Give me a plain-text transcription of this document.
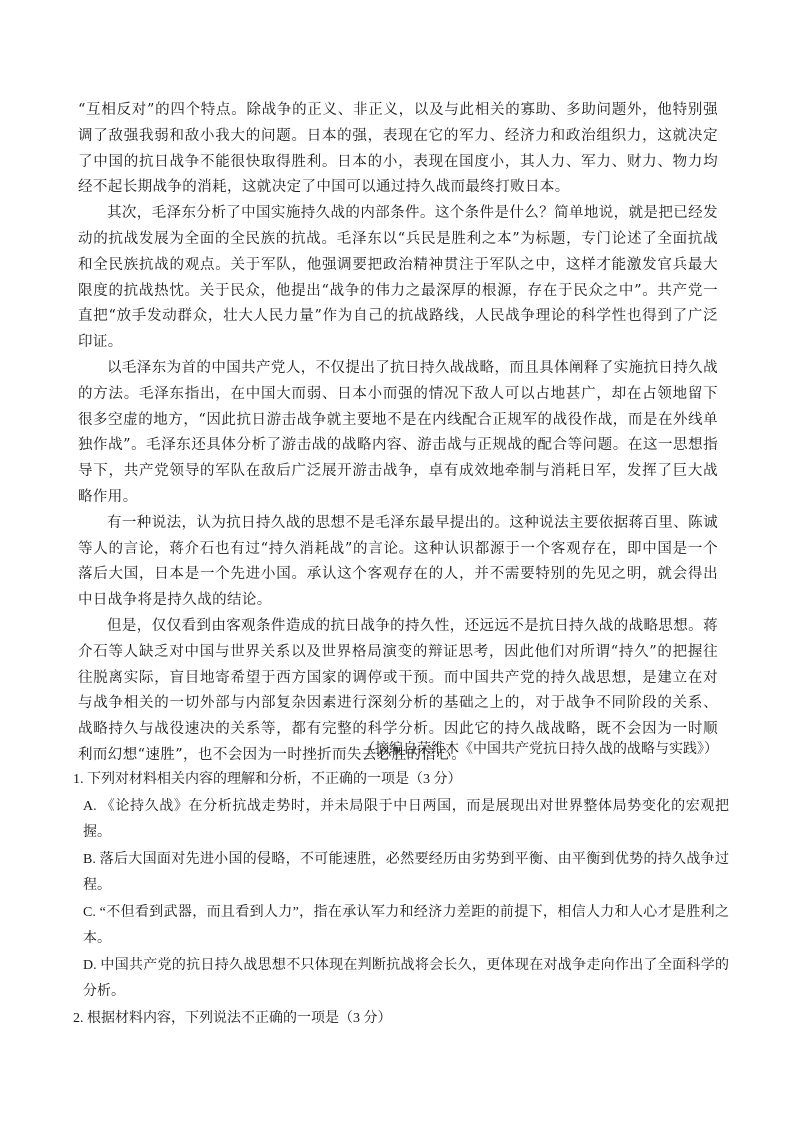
“互相反对”的四个特点。除战争的正义、非正义，以及与此相关的寡助、多助问题外，他特别强调了敌强我弱和敌小我大的问题。日本的强，表现在它的军力、经济力和政治组织力，这就决定了中国的抗日战争不能很快取得胜利。日本的小，表现在国度小，其人力、军力、财力、物力均经不起长期战争的消耗，这就决定了中国可以通过持久战而最终打败日本。

其次，毛泽东分析了中国实施持久战的内部条件。这个条件是什么？简单地说，就是把已经发动的抗战发展为全面的全民族的抗战。毛泽东以“兵民是胜利之本”为标题，专门论述了全面抗战和全民族抗战的观点。关于军队，他强调要把政治精神贯注于军队之中，这样才能激发官兵最大限度的抗战热忱。关于民众，他提出“战争的伟力之最深厚的根源，存在于民众之中”。共产党一直把“放手发动群众，壮大人民力量”作为自己的抗战路线，人民战争理论的科学性也得到了广泛印证。

以毛泽东为首的中国共产党人，不仅提出了抗日持久战战略，而且具体阐释了实施抗日持久战的方法。毛泽东指出，在中国大而弱、日本小而强的情况下敌人可以占地甚广，却在占领地留下很多空虚的地方，“因此抗日游击战争就主要地不是在内线配合正规军的战役作战，而是在外线单独作战”。毛泽东还具体分析了游击战的战略内容、游击战与正规战的配合等问题。在这一思想指导下，共产党领导的军队在敌后广泛展开游击战争，卓有成效地牵制与消耗日军，发挥了巨大战略作用。

有一种说法，认为抗日持久战的思想不是毛泽东最早提出的。这种说法主要依据蒋百里、陈诚等人的言论，蒋介石也有过“持久消耗战”的言论。这种认识都源于一个客观存在，即中国是一个落后大国，日本是一个先进小国。承认这个客观存在的人，并不需要特别的先见之明，就会得出中日战争将是持久战的结论。

但是，仅仅看到由客观条件造成的抗日战争的持久性，还远远不是抗日持久战的战略思想。蒋介石等人缺乏对中国与世界关系以及世界格局演变的辩证思考，因此他们对所谓“持久”的把握往往脱离实际，盲目地寄希望于西方国家的调停或干预。而中国共产党的持久战思想，是建立在对与战争相关的一切外部与内部复杂因素进行深刻分析的基础之上的，对于战争不同阶段的关系、战略持久与战役速决的关系等，都有完整的科学分析。因此它的持久战战略，既不会因为一时顺利而幻想“速胜”，也不会因为一时挫折而失去必胜的信心。

（摘编自荣维木《中国共产党抗日持久战的战略与实践》）

1. 下列对材料相关内容的理解和分析，不正确的一项是（3 分）

A. 《论持久战》在分析抗战走势时，并未局限于中日两国，而是展现出对世界整体局势变化的宏观把握。

B. 落后大国面对先进小国的侵略，不可能速胜，必然要经历由劣势到平衡、由平衡到优势的持久战争过程。

C. “不但看到武器，而且看到人力”，指在承认军力和经济力差距的前提下，相信人力和人心才是胜利之本。

D. 中国共产党的抗日持久战思想不只体现在判断抗战将会长久，更体现在对战争走向作出了全面科学的分析。

2. 根据材料内容，下列说法不正确的一项是（3 分）
